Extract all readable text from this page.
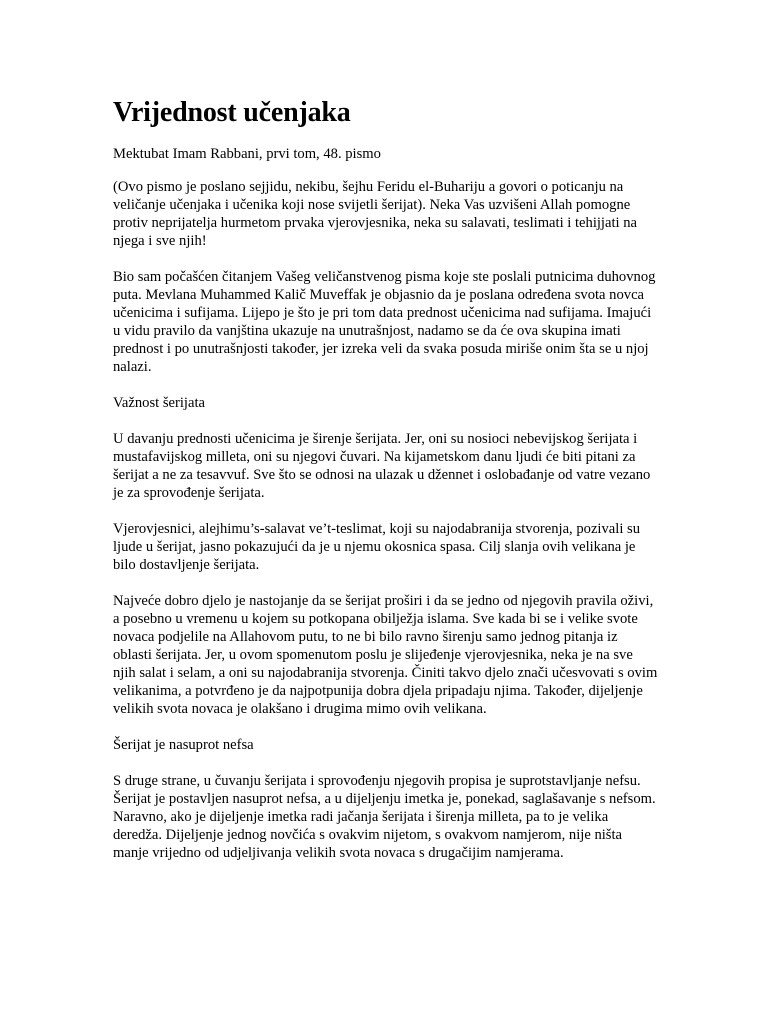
Vrijednost učenjaka

Mektubat Imam Rabbani, prvi tom, 48. pismo

(Ovo pismo je poslano sejjidu, nekibu, šejhu Feridu el-Buhariju a govori o poticanju na veličanje učenjaka i učenika koji nose svijetli šerijat). Neka Vas uzvišeni Allah pomogne protiv neprijatelja hurmetom prvaka vjerovjesnika, neka su salavati, teslimati i tehijjati na njega i sve njih!

Bio sam počašćen čitanjem Vašeg veličanstvenog pisma koje ste poslali putnicima duhovnog puta. Mevlana Muhammed Kalič Muveffak je objasnio da je poslana određena svota novca učenicima i sufijama. Lijepo je što je pri tom data prednost učenicima nad sufijama. Imajući u vidu pravilo da vanjština ukazuje na unutrašnjost, nadamo se da će ova skupina imati prednost i po unutrašnjosti također, jer izreka veli da svaka posuda miriše onim šta se u njoj nalazi.

Važnost šerijata

U davanju prednosti učenicima je širenje šerijata. Jer, oni su nosioci nebevijskog šerijata i mustafavijskog milleta, oni su njegovi čuvari. Na kijametskom danu ljudi će biti pitani za šerijat a ne za tesavvuf. Sve što se odnosi na ulazak u džennet i oslobađanje od vatre vezano je za sprovođenje šerijata.

Vjerovjesnici, alejhimu’s-salavat ve’t-teslimat, koji su najodabranija stvorenja, pozivali su ljude u šerijat, jasno pokazujući da je u njemu okosnica spasa. Cilj slanja ovih velikana je bilo dostavljenje šerijata.

Najveće dobro djelo je nastojanje da se šerijat proširi i da se jedno od njegovih pravila oživi, a posebno u vremenu u kojem su potkopana obilježja islama. Sve kada bi se i velike svote novaca podjelile na Allahovom putu, to ne bi bilo ravno širenju samo jednog pitanja iz oblasti šerijata. Jer, u ovom spomenutom poslu je slijeđenje vjerovjesnika, neka je na sve njih salat i selam, a oni su najodabranija stvorenja. Činiti takvo djelo znači učesvovati s ovim velikanima, a potvrđeno je da najpotpunija dobra djela pripadaju njima. Također, dijeljenje velikih svota novaca je olakšano i drugima mimo ovih velikana.

Šerijat je nasuprot nefsa

S druge strane, u čuvanju šerijata i sprovođenju njegovih propisa je suprotstavljanje nefsu. Šerijat je postavljen nasuprot nefsa, a u dijeljenju imetka je, ponekad, saglašavanje s nefsom. Naravno, ako je dijeljenje imetka radi jačanja šerijata i širenja milleta, pa to je velika deredža. Dijeljenje jednog novčića s ovakvim nijetom, s ovakvom namjerom, nije ništa manje vrijedno od udjeljivanja velikih svota novaca s drugačijim namjerama.
